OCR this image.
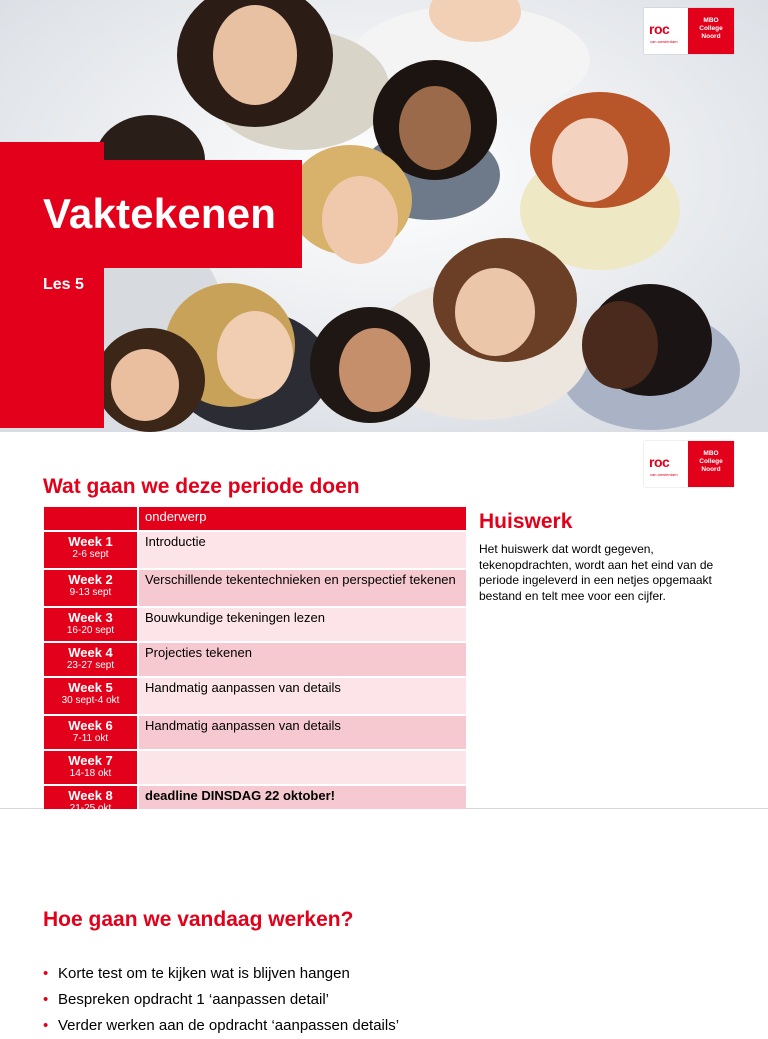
Vaktekenen
Les 5
roc
van amsterdam
MBO
College
Noord
roc
van amsterdam
MBO
College
Noord
Wat gaan we deze periode doen
	onderwerp

Week 1
2-6 sept	Introductie

Week 2
9-13 sept	Verschillende tekentechnieken en perspectief tekenen

Week 3
16-20 sept	Bouwkundige tekeningen lezen

Week 4
23-27 sept	Projecties tekenen

Week 5
30 sept-4 okt	Handmatig aanpassen van details

Week 6
7-11 okt	Handmatig aanpassen van details

Week 7
14-18 okt	

Week 8	deadline DINSDAG 22 oktober!
Huiswerk

Het huiswerk dat wordt gegeven, tekenopdrachten, wordt aan het eind van de periode ingeleverd in een netjes opgemaakt bestand en telt mee voor een cijfer.

Hoe gaan we vandaag werken?
• Korte test om te kijken wat is blijven hangen
• Bespreken opdracht 1 ‘aanpassen detail’
• Verder werken aan de opdracht ‘aanpassen details’
